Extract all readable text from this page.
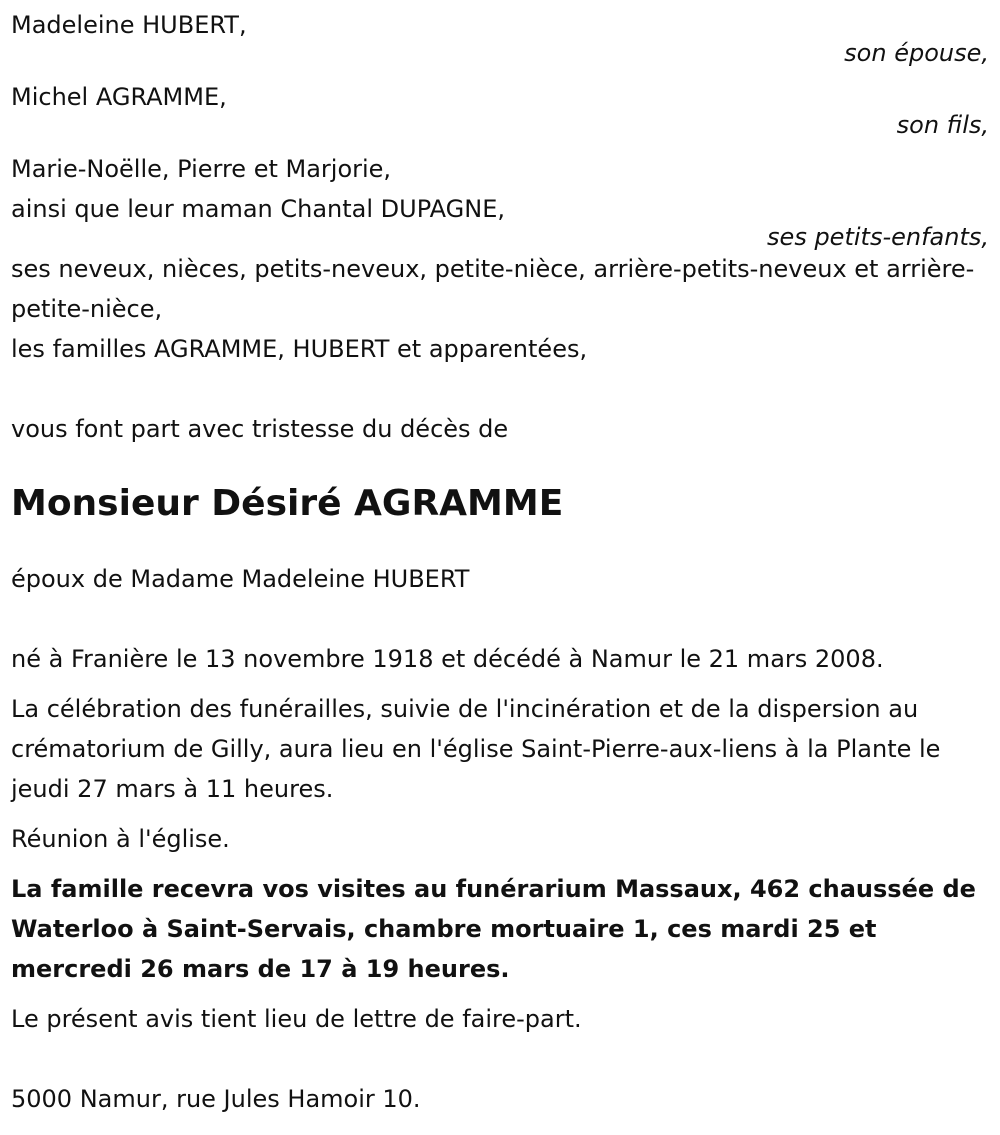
Madeleine HUBERT,
son épouse,
Michel AGRAMME,
son fils,
Marie-Noëlle, Pierre et Marjorie,
ainsi que leur maman Chantal DUPAGNE,
ses petits-enfants,
ses neveux, nièces, petits-neveux, petite-nièce, arrière-petits-neveux et arrière-petite-nièce,
les familles AGRAMME, HUBERT et apparentées,
vous font part avec tristesse du décès de
Monsieur Désiré AGRAMME
époux de Madame Madeleine HUBERT

né à Franière le 13 novembre 1918 et décédé à Namur le 21 mars 2008.

La célébration des funérailles, suivie de l'incinération et de la dispersion au crématorium de Gilly, aura lieu en l'église Saint-Pierre-aux-liens à la Plante le jeudi 27 mars à 11 heures.

Réunion à l'église.

La famille recevra vos visites au funérarium Massaux, 462 chaussée de Waterloo à Saint-Servais, chambre mortuaire 1, ces mardi 25 et mercredi 26 mars de 17 à 19 heures.

Le présent avis tient lieu de lettre de faire-part.

5000 Namur, rue Jules Hamoir 10.
